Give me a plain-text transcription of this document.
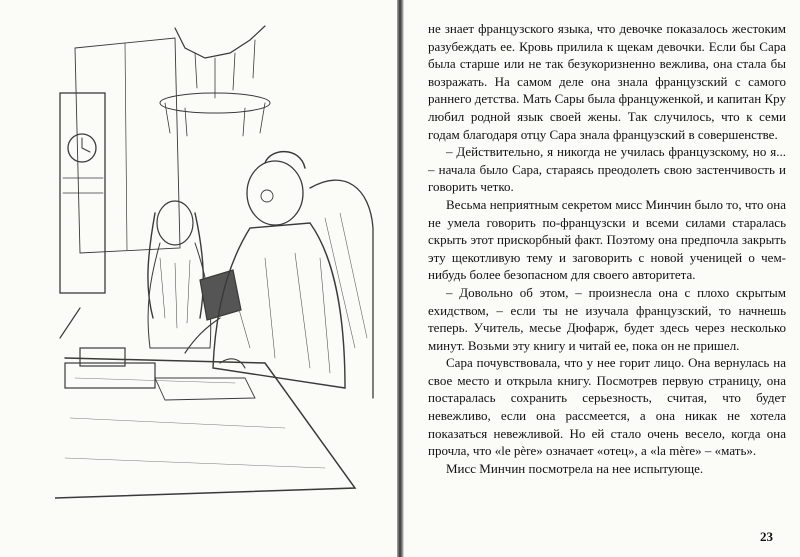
не знает французского языка, что девочке показалось жестоким разубеждать ее. Кровь прилила к щекам девочки. Если бы Сара была старше или не так безукоризненно вежлива, она стала бы возражать. На самом деле она знала французский с самого раннего детства. Мать Сары была француженкой, и капитан Кру любил родной язык своей жены. Так случилось, что к семи годам благодаря отцу Сара знала французский в совершенстве.

– Действительно, я никогда не училась французскому, но я... – начала было Сара, стараясь преодолеть свою застенчивость и говорить четко.

Весьма неприятным секретом мисс Минчин было то, что она не умела говорить по-французски и всеми силами старалась скрыть этот прискорбный факт. Поэтому она предпочла закрыть эту щекотливую тему и заговорить с новой ученицей о чем-нибудь более безопасном для своего авторитета.

– Довольно об этом, – произнесла она с плохо скрытым ехидством, – если ты не изучала французский, то начнешь теперь. Учитель, месье Дюфарж, будет здесь через несколько минут. Возьми эту книгу и читай ее, пока он не пришел.

Сара почувствовала, что у нее горит лицо. Она вернулась на свое место и открыла книгу. Посмотрев первую страницу, она постаралась сохранить серьезность, считая, что будет невежливо, если она рассмеется, а она никак не хотела показаться невежливой. Но ей стало очень весело, когда она прочла, что «le père» означает «отец», а «la mère» – «мать».

Мисс Минчин посмотрела на нее испытующе.

23
